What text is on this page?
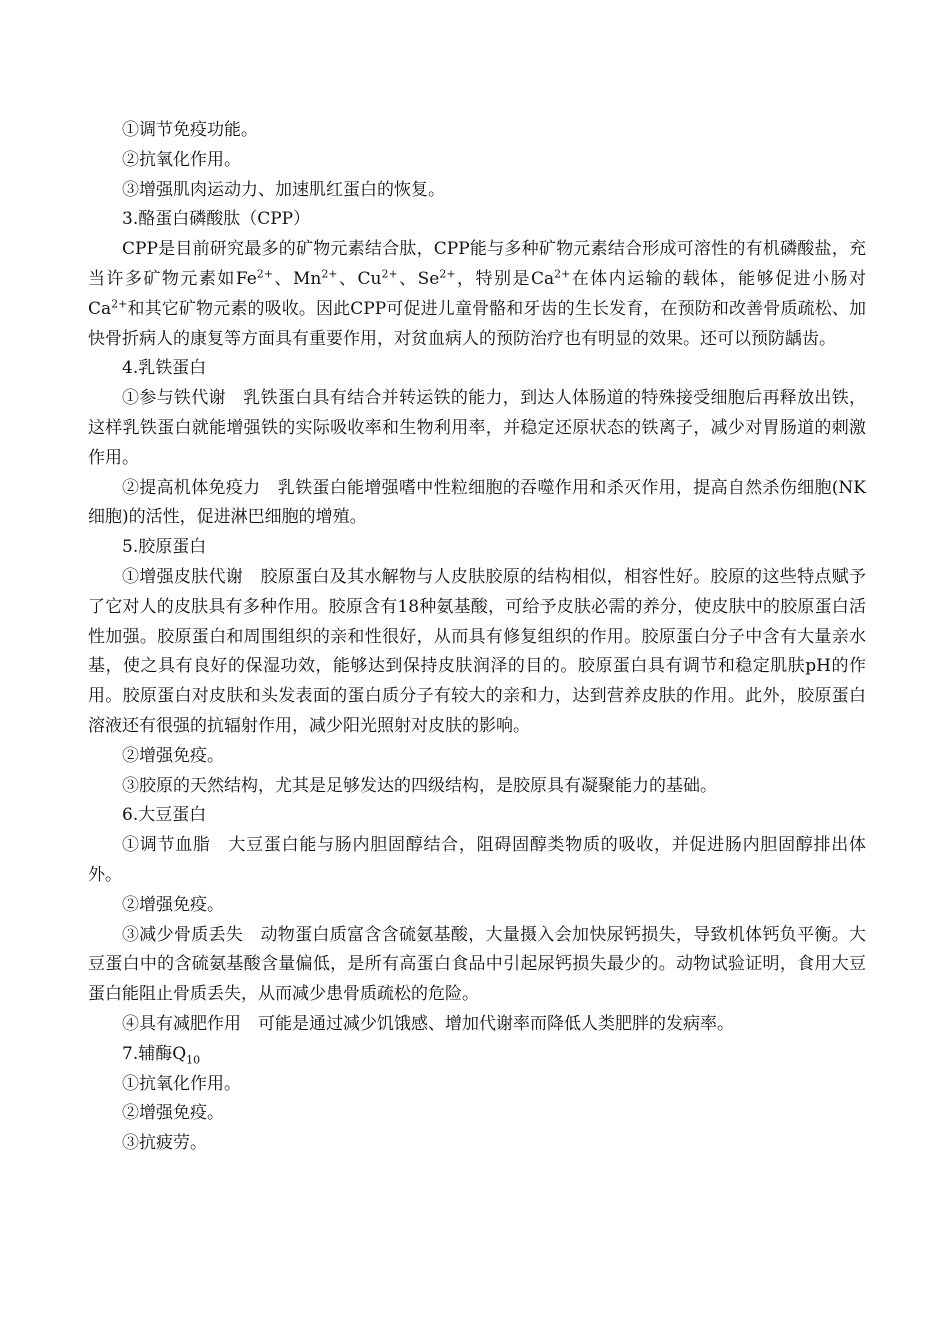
①调节免疫功能。

②抗氧化作用。

③增强肌肉运动力、加速肌红蛋白的恢复。

3.酪蛋白磷酸肽（CPP）

CPP是目前研究最多的矿物元素结合肽，CPP能与多种矿物元素结合形成可溶性的有机磷酸盐，充当许多矿物元素如$Fe^{2+}$、$Mn^{2+}$、$Cu^{2+}$、$Se^{2+}$，特别是$Ca^{2+}$在体内运输的载体，能够促进小肠对$Ca^{2+}$和其它矿物元素的吸收。因此CPP可促进儿童骨骼和牙齿的生长发育，在预防和改善骨质疏松、加快骨折病人的康复等方面具有重要作用，对贫血病人的预防治疗也有明显的效果。还可以预防龋齿。

4.乳铁蛋白

①参与铁代谢　乳铁蛋白具有结合并转运铁的能力，到达人体肠道的特殊接受细胞后再释放出铁，这样乳铁蛋白就能增强铁的实际吸收率和生物利用率，并稳定还原状态的铁离子，减少对胃肠道的刺激作用。

②提高机体免疫力　乳铁蛋白能增强嗜中性粒细胞的吞噬作用和杀灭作用，提高自然杀伤细胞(NK细胞)的活性，促进淋巴细胞的增殖。

5.胶原蛋白

①增强皮肤代谢　胶原蛋白及其水解物与人皮肤胶原的结构相似，相容性好。胶原的这些特点赋予了它对人的皮肤具有多种作用。胶原含有18种氨基酸，可给予皮肤必需的养分，使皮肤中的胶原蛋白活性加强。胶原蛋白和周围组织的亲和性很好，从而具有修复组织的作用。胶原蛋白分子中含有大量亲水基，使之具有良好的保湿功效，能够达到保持皮肤润泽的目的。胶原蛋白具有调节和稳定肌肤pH的作用。胶原蛋白对皮肤和头发表面的蛋白质分子有较大的亲和力，达到营养皮肤的作用。此外，胶原蛋白溶液还有很强的抗辐射作用，减少阳光照射对皮肤的影响。

②增强免疫。

③胶原的天然结构，尤其是足够发达的四级结构，是胶原具有凝聚能力的基础。

6.大豆蛋白

①调节血脂　大豆蛋白能与肠内胆固醇结合，阻碍固醇类物质的吸收，并促进肠内胆固醇排出体外。

②增强免疫。

③减少骨质丢失　动物蛋白质富含含硫氨基酸，大量摄入会加快尿钙损失，导致机体钙负平衡。大豆蛋白中的含硫氨基酸含量偏低，是所有高蛋白食品中引起尿钙损失最少的。动物试验证明，食用大豆蛋白能阻止骨质丢失，从而减少患骨质疏松的危险。

④具有减肥作用　可能是通过减少饥饿感、增加代谢率而降低人类肥胖的发病率。

7.辅酶$Q_{10}$

①抗氧化作用。

②增强免疫。

③抗疲劳。
